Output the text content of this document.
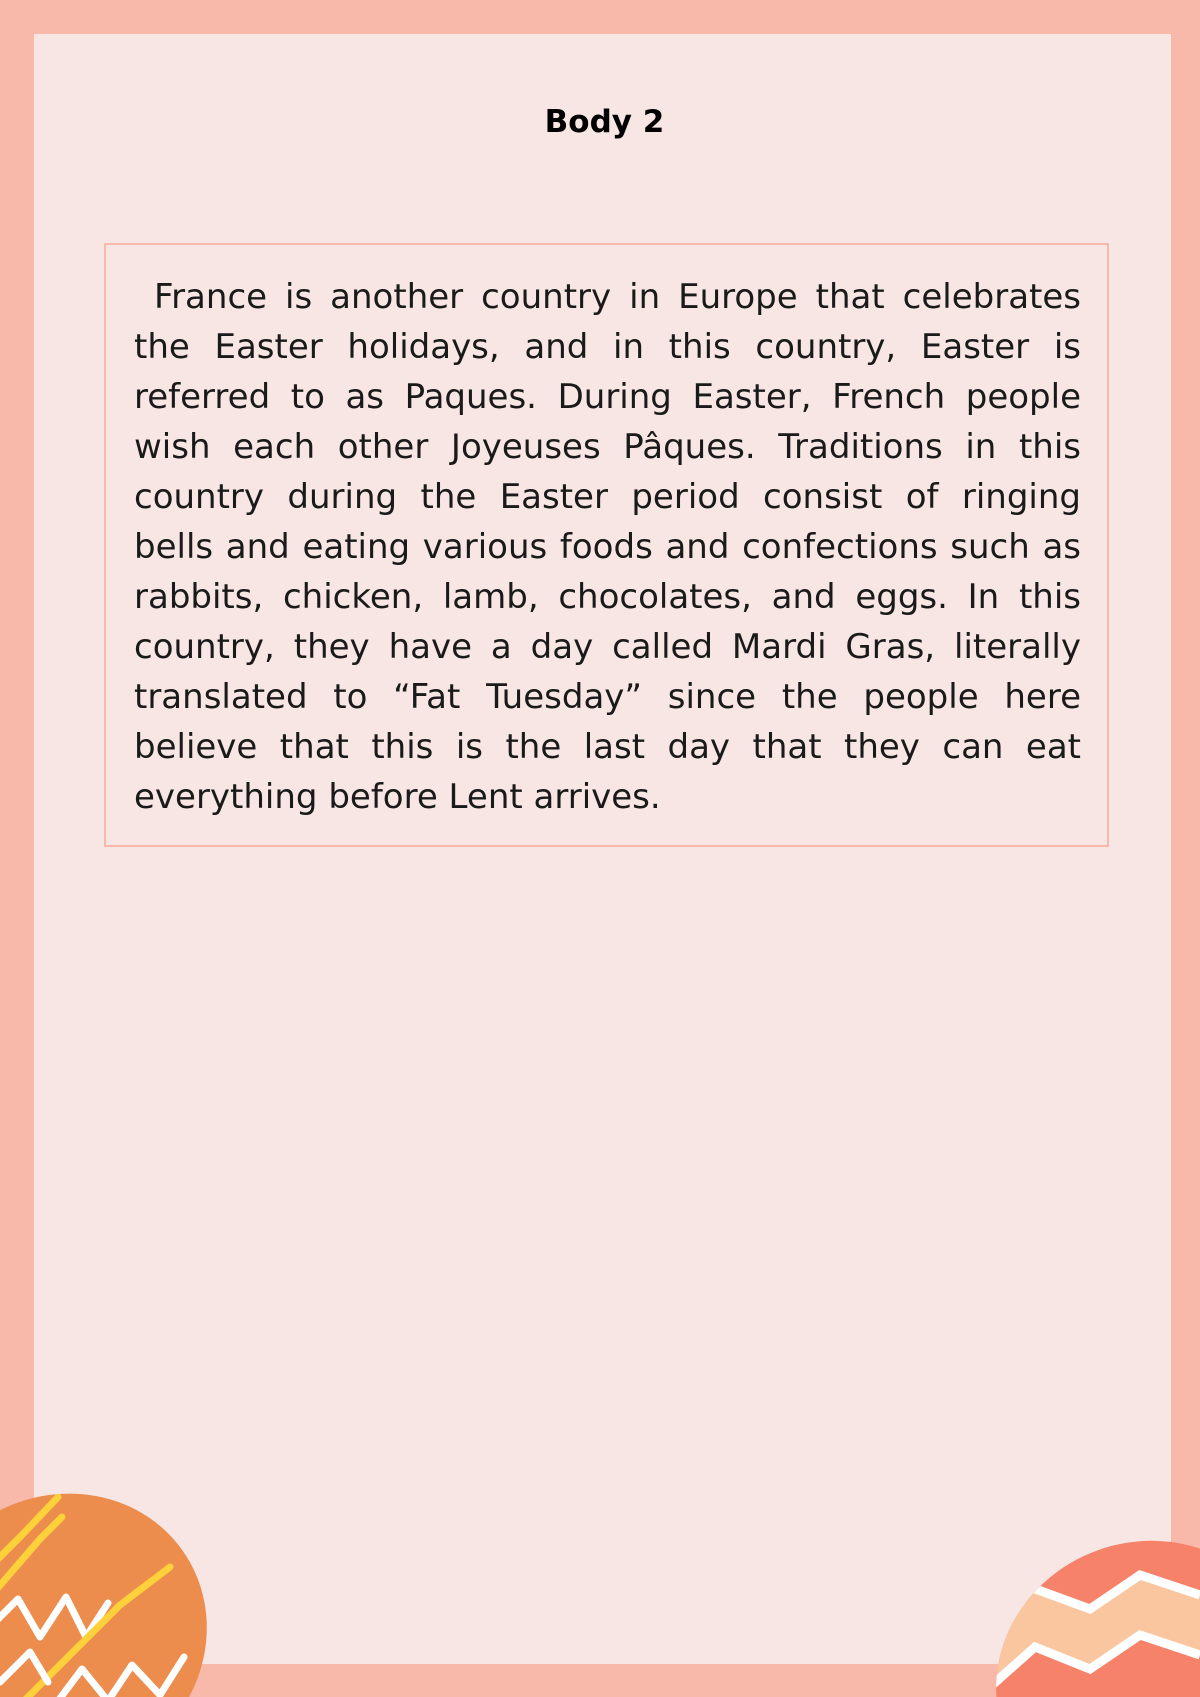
Body 2

France is another country in Europe that celebrates the Easter holidays, and in this country, Easter is referred to as Paques. During Easter, French people wish each other Joyeuses Pâques. Traditions in this country during the Easter period consist of ringing bells and eating various foods and confections such as rabbits, chicken, lamb, chocolates, and eggs. In this country, they have a day called Mardi Gras, literally translated to “Fat Tuesday” since the people here believe that this is the last day that they can eat everything before Lent arrives.
